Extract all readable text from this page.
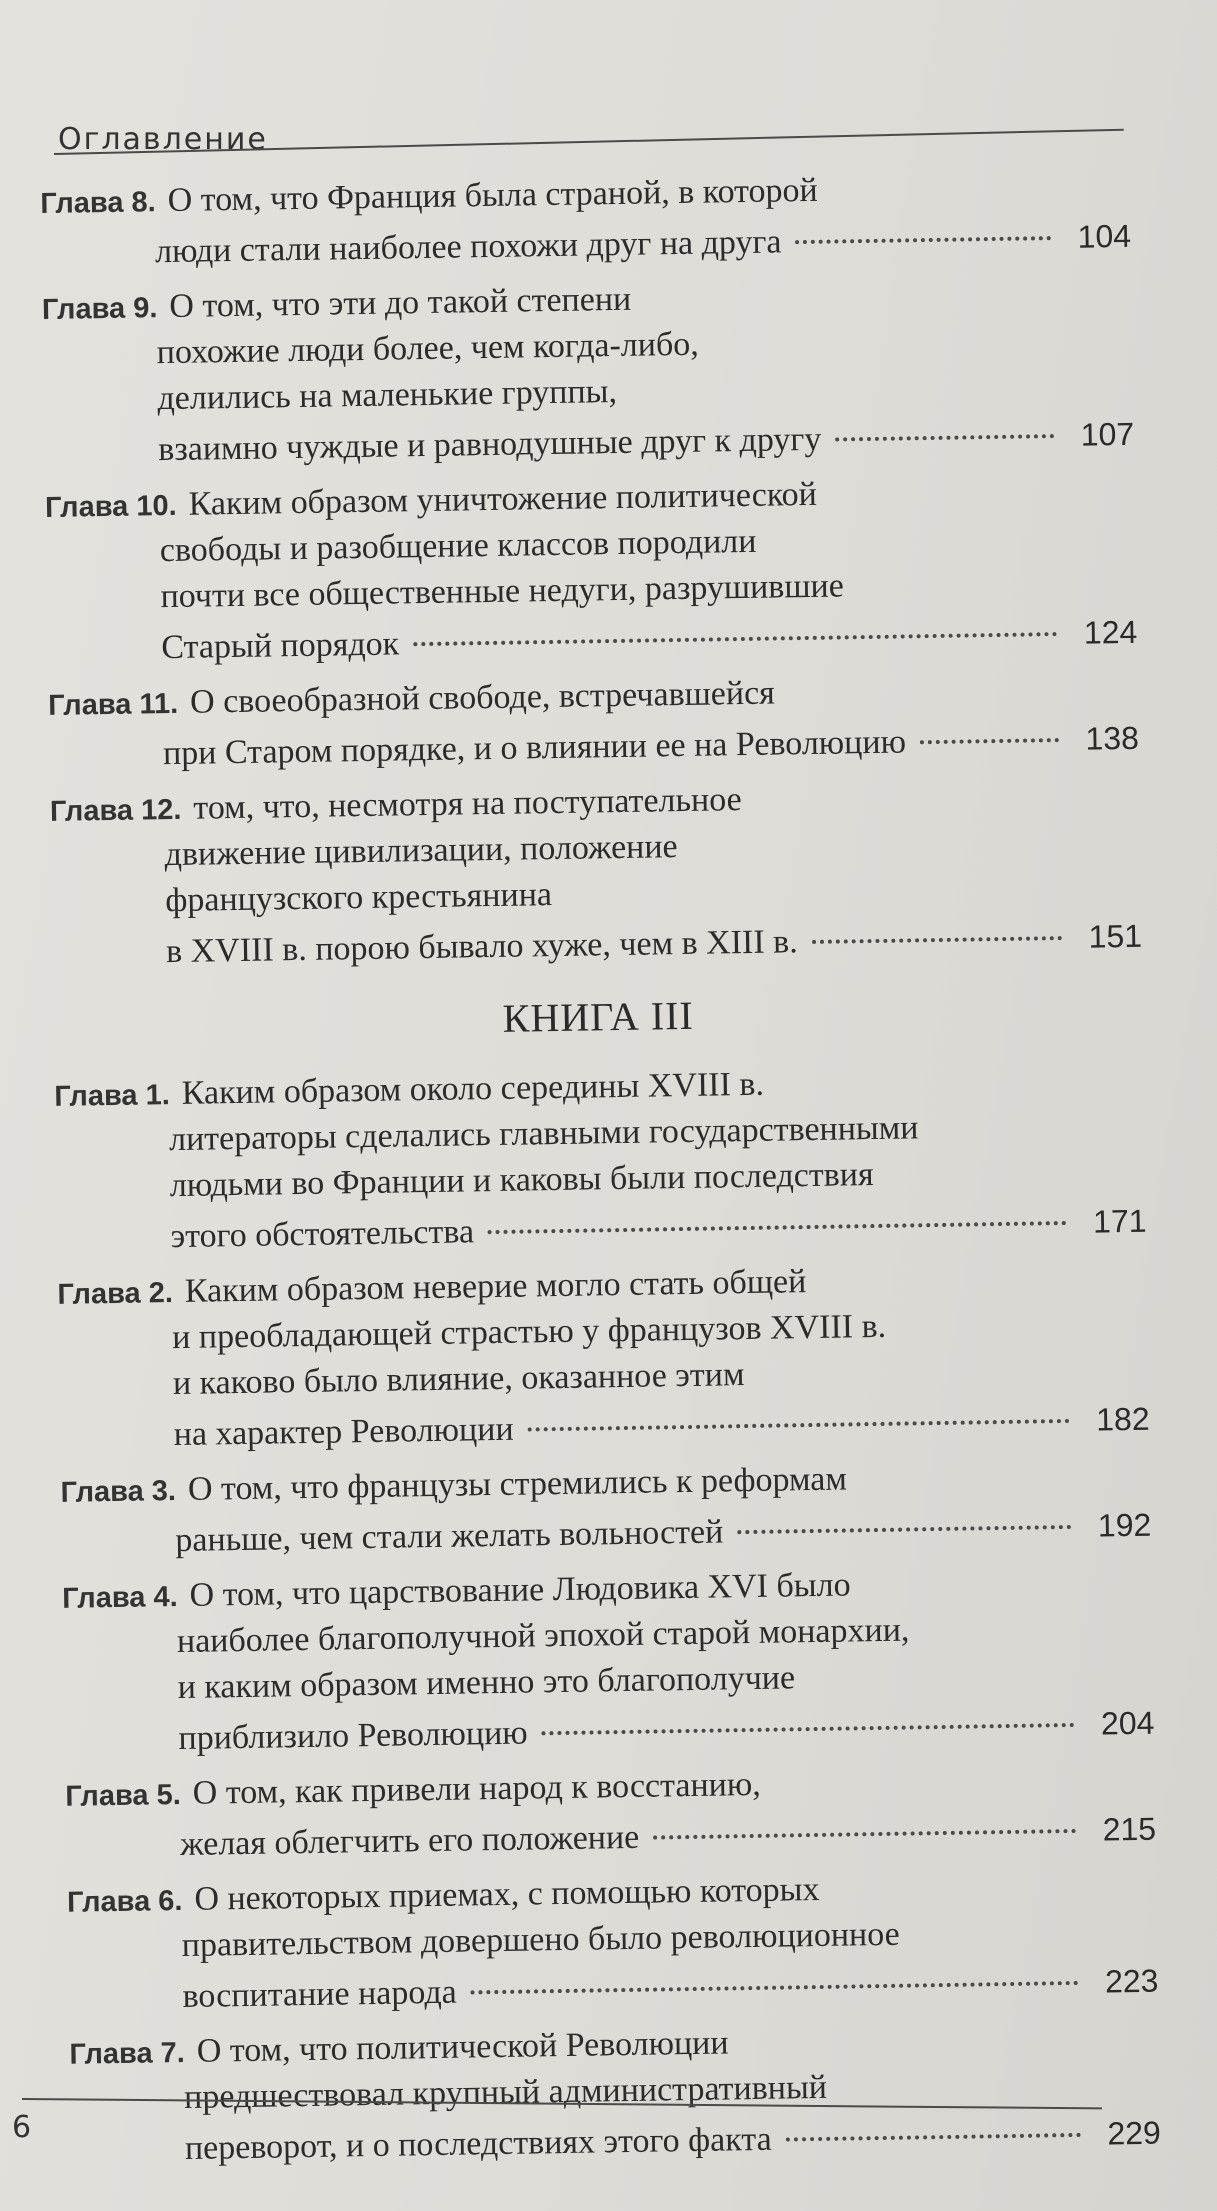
Оглавление
Глава 8. О том, что Франция была страной, в которой
люди стали наиболее похожи друг на друга	104
Глава 9. О том, что эти до такой степени
похожие люди более, чем когда-либо,
делились на маленькие группы,
взаимно чуждые и равнодушные друг к другу	107
Глава 10. Каким образом уничтожение политической
свободы и разобщение классов породили
почти все общественные недуги, разрушившие
Старый порядок	124
Глава 11. О своеобразной свободе, встречавшейся
при Старом порядке, и о влиянии ее на Революцию	138
Глава 12. том, что, несмотря на поступательное
движение цивилизации, положение
французского крестьянина
в XVIII в. порою бывало хуже, чем в XIII в.	151
КНИГА III
Глава 1. Каким образом около середины XVIII в.
литераторы сделались главными государственными
людьми во Франции и каковы были последствия
этого обстоятельства	171
Глава 2. Каким образом неверие могло стать общей
и преобладающей страстью у французов XVIII в.
и каково было влияние, оказанное этим
на характер Революции	182
Глава 3. О том, что французы стремились к реформам
раньше, чем стали желать вольностей	192
Глава 4. О том, что царствование Людовика XVI было
наиболее благополучной эпохой старой монархии,
и каким образом именно это благополучие
приблизило Революцию	204
Глава 5. О том, как привели народ к восстанию,
желая облегчить его положение	215
Глава 6. О некоторых приемах, с помощью которых
правительством довершено было революционное
воспитание народа	223
Глава 7. О том, что политической Революции
предшествовал крупный административный
переворот, и о последствиях этого факта	229
6
